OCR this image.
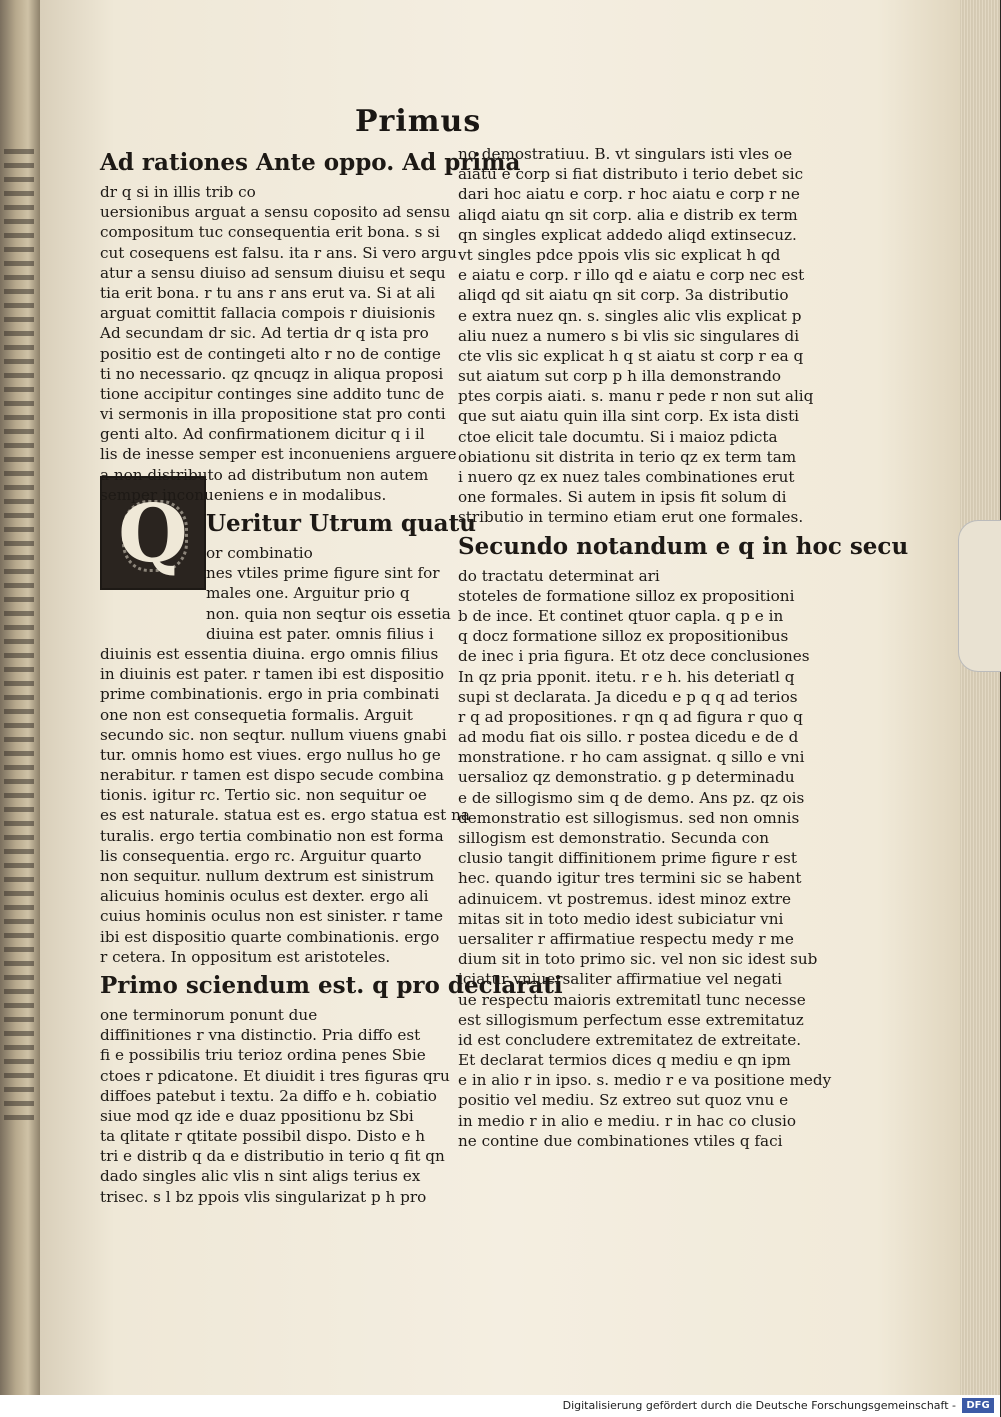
Primus
Q
Ad rationes Ante oppo. Ad prima
dr q si in illis trib co
uersionibus arguat a sensu coposito ad sensu
compositum tuc consequentia erit bona. s si
cut cosequens est falsu. ita r ans. Si vero argu
atur a sensu diuiso ad sensum diuisu et sequ
tia erit bona. r tu ans r ans erut va. Si at ali
arguat comittit fallacia compois r diuisionis
Ad secundam dr sic. Ad tertia dr q ista pro
positio est de contingeti alto r no de contige
ti no necessario. qz qncuqz in aliqua proposi
tione accipitur continges sine addito tunc de
vi sermonis in illa propositione stat pro conti
genti alto. Ad confirmationem dicitur q i il
lis de inesse semper est inconueniens arguere
a non distributo ad distributum non autem
semper inconueniens e in modalibus.
Ueritur Utrum quatu
or combinatio
nes vtiles prime figure sint for
males one. Arguitur prio q
non. quia non seqtur ois essetia
diuina est pater. omnis filius i
diuinis est essentia diuina. ergo omnis filius
in diuinis est pater. r tamen ibi est dispositio
prime combinationis. ergo in pria combinati
one non est consequetia formalis. Arguit
secundo sic. non seqtur. nullum viuens gnabi
tur. omnis homo est viues. ergo nullus ho ge
nerabitur. r tamen est dispo secude combina
tionis. igitur rc. Tertio sic. non sequitur oe
es est naturale. statua est es. ergo statua est na
turalis. ergo tertia combinatio non est forma
lis consequentia. ergo rc. Arguitur quarto
non sequitur. nullum dextrum est sinistrum
alicuius hominis oculus est dexter. ergo ali
cuius hominis oculus non est sinister. r tame
ibi est dispositio quarte combinationis. ergo
r cetera. In oppositum est aristoteles.
Primo sciendum est. q pro declarati
one terminorum ponunt due
diffinitiones r vna distinctio. Pria diffo est
fi e possibilis triu terioz ordina penes Sbie
ctoes r pdicatone. Et diuidit i tres figuras qru
diffoes patebut i textu. 2a diffo e h. cobiatio
siue mod qz ide e duaz ppositionu bz Sbi
ta qlitate r qtitate possibil dispo. Disto e h
tri e distrib q da e distributio in terio q fit qn
dado singles alic vlis n sint aligs terius ex
trisec. s l bz ppois vlis singularizat p h pro
no demostratiuu. B. vt singulars isti vles oe
aiatu e corp si fiat distributo i terio debet sic
dari hoc aiatu e corp. r hoc aiatu e corp r ne
aliqd aiatu qn sit corp. alia e distrib ex term
qn singles explicat addedo aliqd extinsecuz.
vt singles pdce ppois vlis sic explicat h qd
e aiatu e corp. r illo qd e aiatu e corp nec est
aliqd qd sit aiatu qn sit corp. 3a distributio
e extra nuez qn. s. singles alic vlis explicat p
aliu nuez a numero s bi vlis sic singulares di
cte vlis sic explicat h q st aiatu st corp r ea q
sut aiatum sut corp p h illa demonstrando
ptes corpis aiati. s. manu r pede r non sut aliq
que sut aiatu quin illa sint corp. Ex ista disti
ctoe elicit tale documtu. Si i maioz pdicta
obiationu sit distrita in terio qz ex term tam
i nuero qz ex nuez tales combinationes erut
one formales. Si autem in ipsis fit solum di
stributio in termino etiam erut one formales.
Secundo notandum e q in hoc secu
do tractatu determinat ari
stoteles de formatione silloz ex propositioni
b de ince. Et continet qtuor capla. q p e in
q docz formatione silloz ex propositionibus
de inec i pria figura. Et otz dece conclusiones
In qz pria pponit. itetu. r e h. his deteriatl q
supi st declarata. Ja dicedu e p q q ad terios
r q ad propositiones. r qn q ad figura r quo q
ad modu fiat ois sillo. r postea dicedu e de d
monstratione. r ho cam assignat. q sillo e vni
uersalioz qz demonstratio. g p determinadu
e de sillogismo sim q de demo. Ans pz. qz ois
demonstratio est sillogismus. sed non omnis
sillogism est demonstratio. Secunda con
clusio tangit diffinitionem prime figure r est
hec. quando igitur tres termini sic se habent
adinuicem. vt postremus. idest minoz extre
mitas sit in toto medio idest subiciatur vni
uersaliter r affirmatiue respectu medy r me
dium sit in toto primo sic. vel non sic idest sub
iciatur vniuersaliter affirmatiue vel negati
ue respectu maioris extremitatl tunc necesse
est sillogismum perfectum esse extremitatuz
id est concludere extremitatez de extreitate.
Et declarat termios dices q mediu e qn ipm
e in alio r in ipso. s. medio r e va positione medy
positio vel mediu. Sz extreo sut quoz vnu e
in medio r in alio e mediu. r in hac co clusio
ne contine due combinationes vtiles q faci
Digitalisierung gefördert durch die Deutsche Forschungsgemeinschaft -	DFG
